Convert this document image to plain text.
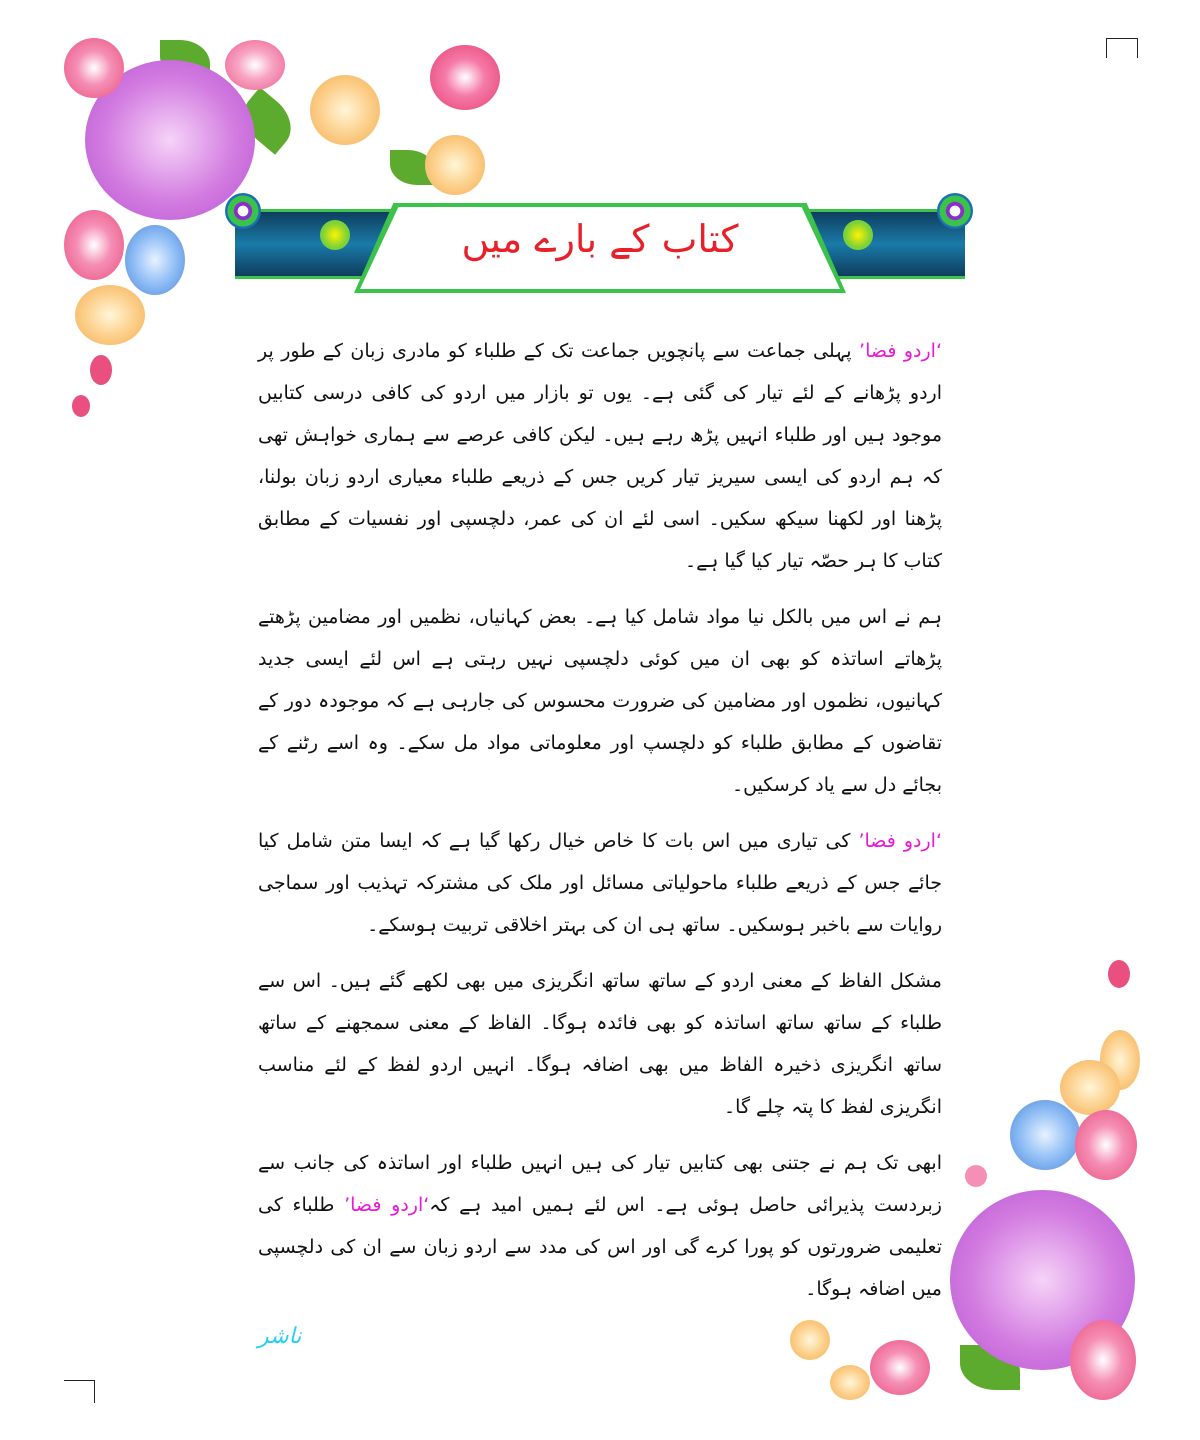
کتاب کے بارے میں

‘اردو فضا’ پہلی جماعت سے پانچویں جماعت تک کے طلباء کو مادری زبان کے طور پر اردو پڑھانے کے لئے تیار کی گئی ہے۔ یوں تو بازار میں اردو کی کافی درسی کتابیں موجود ہیں اور طلباء انہیں پڑھ رہے ہیں۔ لیکن کافی عرصے سے ہماری خواہش تھی کہ ہم اردو کی ایسی سیریز تیار کریں جس کے ذریعے طلباء معیاری اردو زبان بولنا، پڑھنا اور لکھنا سیکھ سکیں۔ اسی لئے ان کی عمر، دلچسپی اور نفسیات کے مطابق کتاب کا ہر حصّہ تیار کیا گیا ہے۔

ہم نے اس میں بالکل نیا مواد شامل کیا ہے۔ بعض کہانیاں، نظمیں اور مضامین پڑھتے پڑھاتے اساتذہ کو بھی ان میں کوئی دلچسپی نہیں رہتی ہے اس لئے ایسی جدید کہانیوں، نظموں اور مضامین کی ضرورت محسوس کی جارہی ہے کہ موجودہ دور کے تقاضوں کے مطابق طلباء کو دلچسپ اور معلوماتی مواد مل سکے۔ وہ اسے رٹنے کے بجائے دل سے یاد کرسکیں۔

‘اردو فضا’ کی تیاری میں اس بات کا خاص خیال رکھا گیا ہے کہ ایسا متن شامل کیا جائے جس کے ذریعے طلباء ماحولیاتی مسائل اور ملک کی مشترکہ تہذیب اور سماجی روایات سے باخبر ہوسکیں۔ ساتھ ہی ان کی بہتر اخلاقی تربیت ہوسکے۔

مشکل الفاظ کے معنی اردو کے ساتھ ساتھ انگریزی میں بھی لکھے گئے ہیں۔ اس سے طلباء کے ساتھ ساتھ اساتذہ کو بھی فائدہ ہوگا۔ الفاظ کے معنی سمجھنے کے ساتھ ساتھ انگریزی ذخیرہ الفاظ میں بھی اضافہ ہوگا۔ انہیں اردو لفظ کے لئے مناسب انگریزی لفظ کا پتہ چلے گا۔

ابھی تک ہم نے جتنی بھی کتابیں تیار کی ہیں انہیں طلباء اور اساتذہ کی جانب سے زبردست پذیرائی حاصل ہوئی ہے۔ اس لئے ہمیں امید ہے کہ‘اردو فضا’ طلباء کی تعلیمی ضرورتوں کو پورا کرے گی اور اس کی مدد سے اردو زبان سے ان کی دلچسپی میں اضافہ ہوگا۔

ناشر
